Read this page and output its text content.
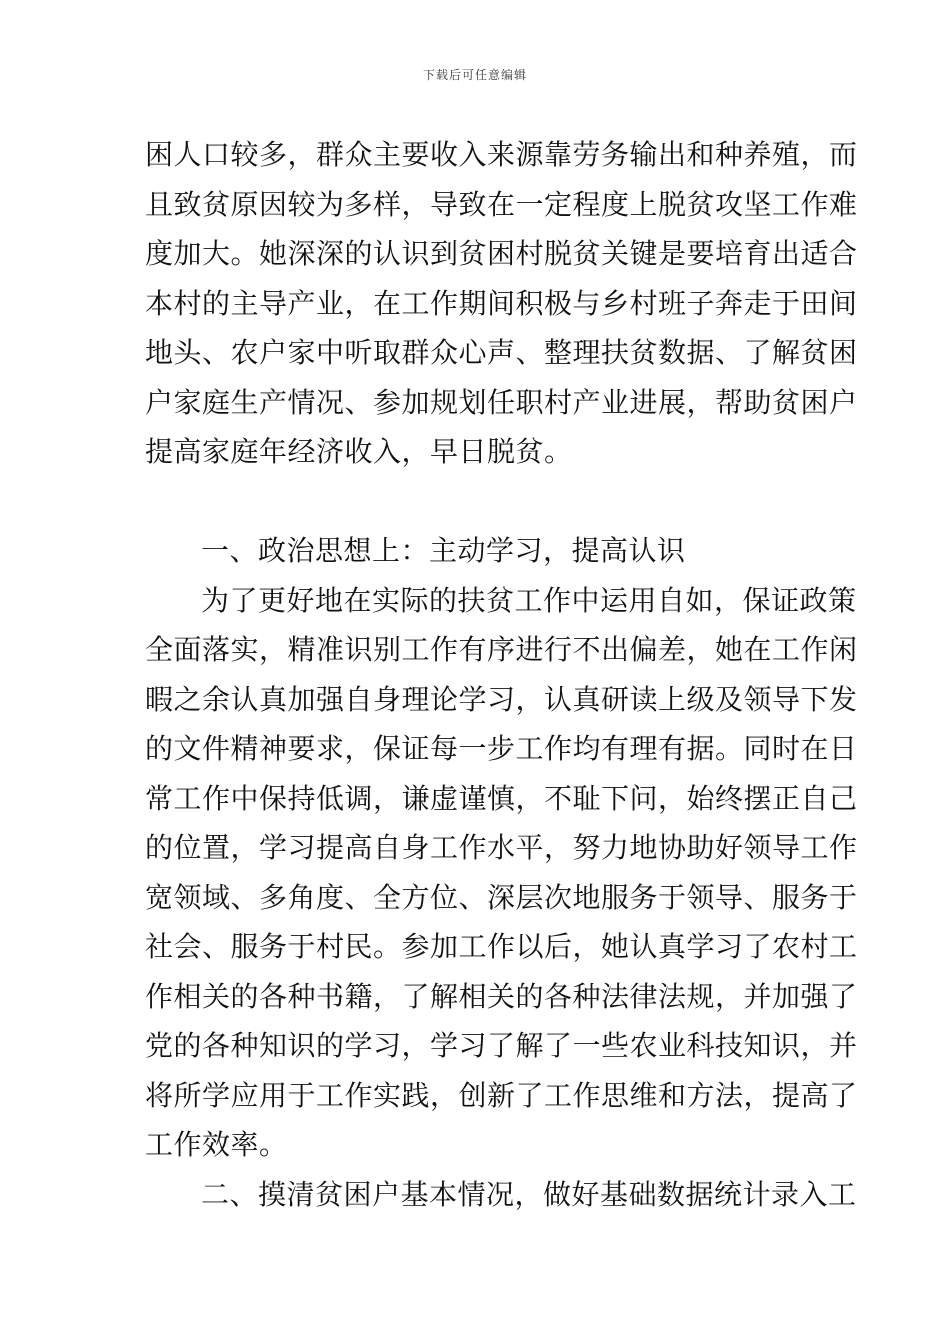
下载后可任意编辑
困人口较多，群众主要收入来源靠劳务输出和种养殖，而
且致贫原因较为多样，导致在一定程度上脱贫攻坚工作难
度加大。她深深的认识到贫困村脱贫关键是要培育出适合
本村的主导产业，在工作期间积极与乡村班子奔走于田间
地头、农户家中听取群众心声、整理扶贫数据、了解贫困
户家庭生产情况、参加规划任职村产业进展，帮助贫困户
提高家庭年经济收入，早日脱贫。
一、政治思想上：主动学习，提高认识
为了更好地在实际的扶贫工作中运用自如，保证政策
全面落实，精准识别工作有序进行不出偏差，她在工作闲
暇之余认真加强自身理论学习，认真研读上级及领导下发
的文件精神要求，保证每一步工作均有理有据。同时在日
常工作中保持低调，谦虚谨慎，不耻下问，始终摆正自己
的位置，学习提高自身工作水平，努力地协助好领导工作
宽领域、多角度、全方位、深层次地服务于领导、服务于
社会、服务于村民。参加工作以后，她认真学习了农村工
作相关的各种书籍，了解相关的各种法律法规，并加强了
党的各种知识的学习，学习了解了一些农业科技知识，并
将所学应用于工作实践，创新了工作思维和方法，提高了
工作效率。
二、摸清贫困户基本情况，做好基础数据统计录入工
